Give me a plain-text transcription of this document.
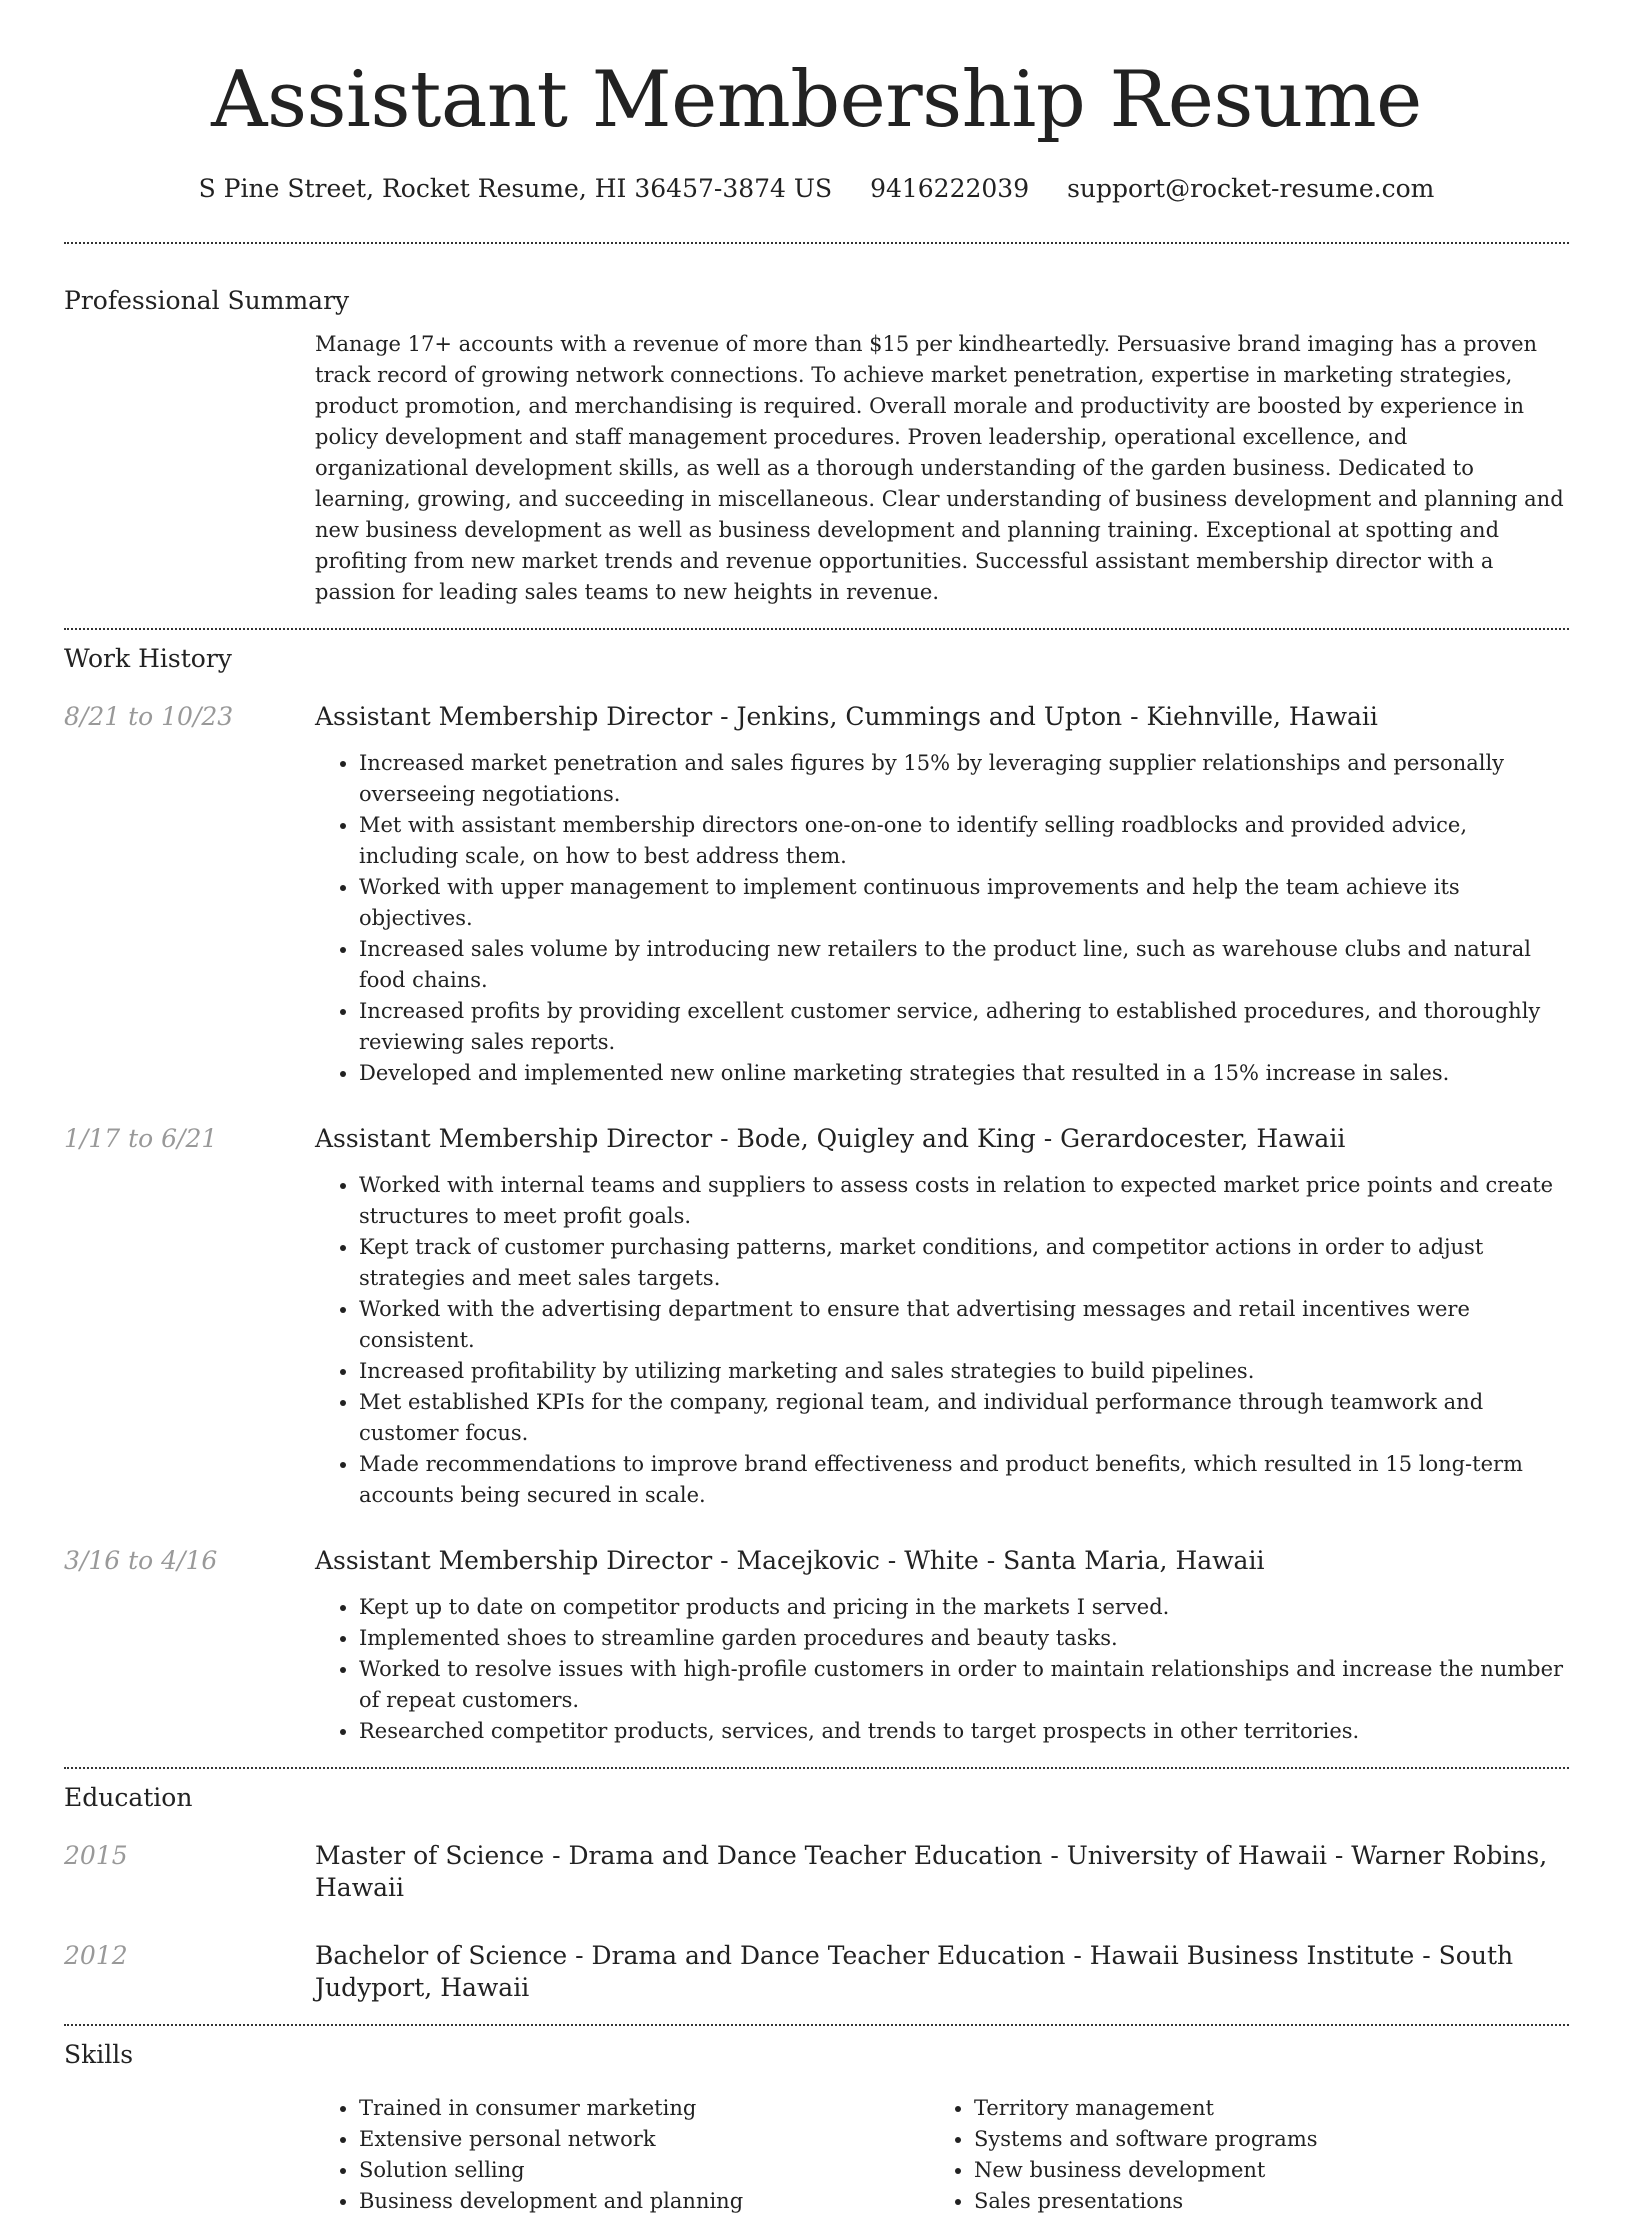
Assistant Membership Resume
S Pine Street, Rocket Resume, HI 36457-3874 US 9416222039 support@rocket-resume.com
Professional Summary

Manage 17+ accounts with a revenue of more than $15 per kindheartedly. Persuasive brand imaging has a proven track record of growing network connections. To achieve market penetration, expertise in marketing strategies, product promotion, and merchandising is required. Overall morale and productivity are boosted by experience in policy development and staff management procedures. Proven leadership, operational excellence, and organizational development skills, as well as a thorough understanding of the garden business. Dedicated to learning, growing, and succeeding in miscellaneous. Clear understanding of business development and planning and new business development as well as business development and planning training. Exceptional at spotting and profiting from new market trends and revenue opportunities. Successful assistant membership director with a passion for leading sales teams to new heights in revenue.

Work History
8/21 to 10/23	Assistant Membership Director - Jenkins, Cummings and Upton - Kiehnville, Hawaii
• Increased market penetration and sales figures by 15% by leveraging supplier relationships and personally overseeing negotiations.
• Met with assistant membership directors one-on-one to identify selling roadblocks and provided advice, including scale, on how to best address them.
• Worked with upper management to implement continuous improvements and help the team achieve its objectives.
• Increased sales volume by introducing new retailers to the product line, such as warehouse clubs and natural food chains.
• Increased profits by providing excellent customer service, adhering to established procedures, and thoroughly reviewing sales reports.
• Developed and implemented new online marketing strategies that resulted in a 15% increase in sales.
1/17 to 6/21	Assistant Membership Director - Bode, Quigley and King - Gerardocester, Hawaii
• Worked with internal teams and suppliers to assess costs in relation to expected market price points and create structures to meet profit goals.
• Kept track of customer purchasing patterns, market conditions, and competitor actions in order to adjust strategies and meet sales targets.
• Worked with the advertising department to ensure that advertising messages and retail incentives were consistent.
• Increased profitability by utilizing marketing and sales strategies to build pipelines.
• Met established KPIs for the company, regional team, and individual performance through teamwork and customer focus.
• Made recommendations to improve brand effectiveness and product benefits, which resulted in 15 long-term accounts being secured in scale.
3/16 to 4/16	Assistant Membership Director - Macejkovic - White - Santa Maria, Hawaii
• Kept up to date on competitor products and pricing in the markets I served.
• Implemented shoes to streamline garden procedures and beauty tasks.
• Worked to resolve issues with high-profile customers in order to maintain relationships and increase the number of repeat customers.
• Researched competitor products, services, and trends to target prospects in other territories.
Education
2015	Master of Science - Drama and Dance Teacher Education - University of Hawaii - Warner Robins, Hawaii
2012	Bachelor of Science - Drama and Dance Teacher Education - Hawaii Business Institute - South Judyport, Hawaii
Skills
• Trained in consumer marketing
• Extensive personal network
• Solution selling
• Business development and planning
• Territory management
• Systems and software programs
• New business development
• Sales presentations
